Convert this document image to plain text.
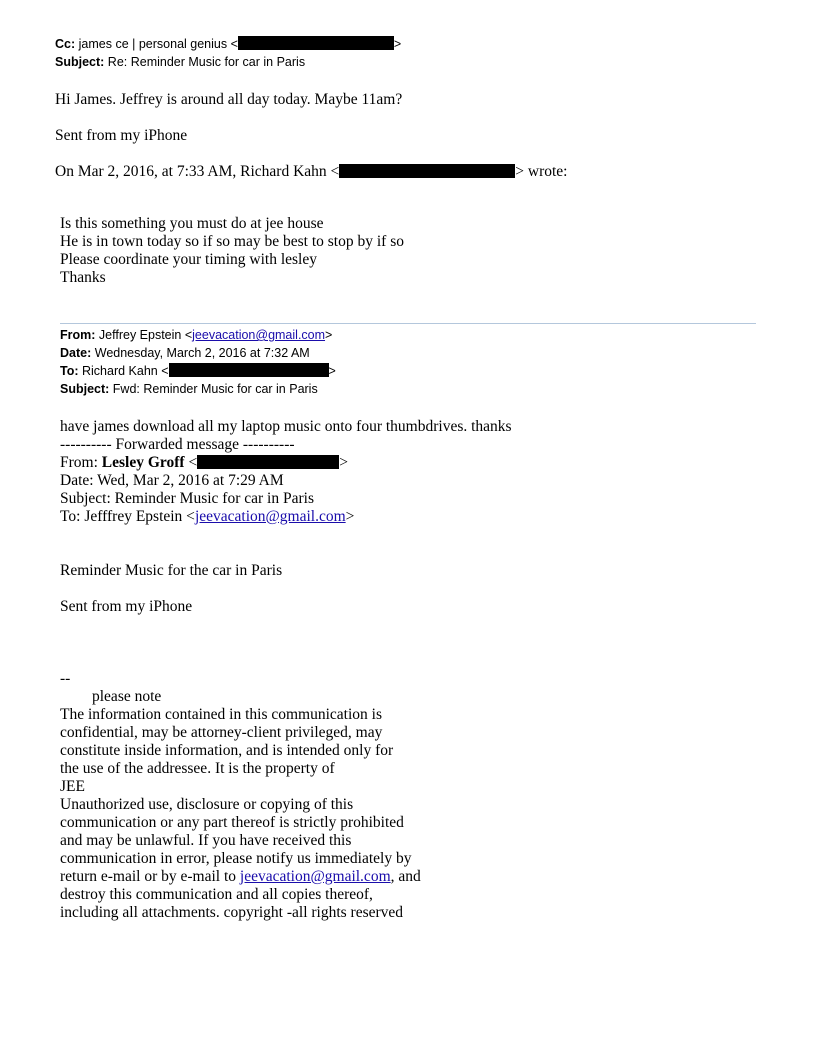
Cc: james ce | personal genius <	>
Subject: Re: Reminder Music for car in Paris
Hi James. Jeffrey is around all day today. Maybe 11am?
Sent from my iPhone
On Mar 2, 2016, at 7:33 AM, Richard Kahn <	> wrote:
Is this something you must do at jee house
He is in town today so if so may be best to stop by if so
Please coordinate your timing with lesley
Thanks
From: Jeffrey Epstein <jeevacation@gmail.com>
Date: Wednesday, March 2, 2016 at 7:32 AM
To: Richard Kahn <	>
Subject: Fwd: Reminder Music for car in Paris
have james download all my laptop music onto four thumbdrives. thanks
---------- Forwarded message ----------
From: Lesley Groff <	>
Date: Wed, Mar 2, 2016 at 7:29 AM
Subject: Reminder Music for car in Paris
To: Jefffrey Epstein <jeevacation@gmail.com>
Reminder Music for the car in Paris
Sent from my iPhone
--
please note
The information contained in this communication is
confidential, may be attorney-client privileged, may
constitute inside information, and is intended only for
the use of the addressee. It is the property of
JEE
Unauthorized use, disclosure or copying of this
communication or any part thereof is strictly prohibited
and may be unlawful. If you have received this
communication in error, please notify us immediately by
return e-mail or by e-mail to jeevacation@gmail.com, and
destroy this communication and all copies thereof,
including all attachments. copyright -all rights reserved
